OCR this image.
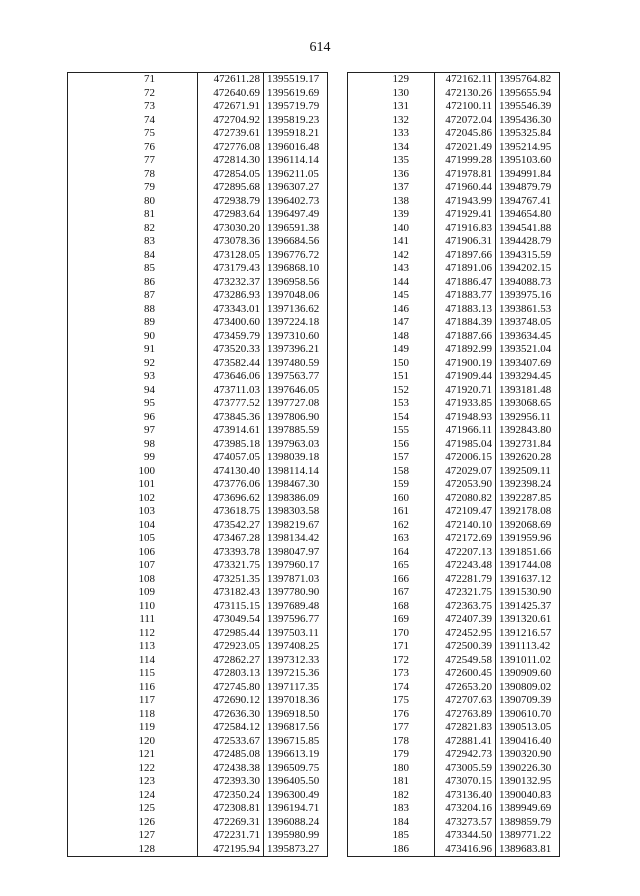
614
71	472611.28	1395519.17
72	472640.69	1395619.69
73	472671.91	1395719.79
74	472704.92	1395819.23
75	472739.61	1395918.21
76	472776.08	1396016.48
77	472814.30	1396114.14
78	472854.05	1396211.05
79	472895.68	1396307.27
80	472938.79	1396402.73
81	472983.64	1396497.49
82	473030.20	1396591.38
83	473078.36	1396684.56
84	473128.05	1396776.72
85	473179.43	1396868.10
86	473232.37	1396958.56
87	473286.93	1397048.06
88	473343.01	1397136.62
89	473400.60	1397224.18
90	473459.79	1397310.60
91	473520.33	1397396.21
92	473582.44	1397480.59
93	473646.06	1397563.77
94	473711.03	1397646.05
95	473777.52	1397727.08
96	473845.36	1397806.90
97	473914.61	1397885.59
98	473985.18	1397963.03
99	474057.05	1398039.18
100	474130.40	1398114.14
101	473776.06	1398467.30
102	473696.62	1398386.09
103	473618.75	1398303.58
104	473542.27	1398219.67
105	473467.28	1398134.42
106	473393.78	1398047.97
107	473321.75	1397960.17
108	473251.35	1397871.03
109	473182.43	1397780.90
110	473115.15	1397689.48
111	473049.54	1397596.77
112	472985.44	1397503.11
113	472923.05	1397408.25
114	472862.27	1397312.33
115	472803.13	1397215.36
116	472745.80	1397117.35
117	472690.12	1397018.36
118	472636.30	1396918.50
119	472584.12	1396817.56
120	472533.67	1396715.85
121	472485.08	1396613.19
122	472438.38	1396509.75
123	472393.30	1396405.50
124	472350.24	1396300.49
125	472308.81	1396194.71
126	472269.31	1396088.24
127	472231.71	1395980.99
128	472195.94	1395873.27
129	472162.11	1395764.82
130	472130.26	1395655.94
131	472100.11	1395546.39
132	472072.04	1395436.30
133	472045.86	1395325.84
134	472021.49	1395214.95
135	471999.28	1395103.60
136	471978.81	1394991.84
137	471960.44	1394879.79
138	471943.99	1394767.41
139	471929.41	1394654.80
140	471916.83	1394541.88
141	471906.31	1394428.79
142	471897.66	1394315.59
143	471891.06	1394202.15
144	471886.47	1394088.73
145	471883.77	1393975.16
146	471883.13	1393861.53
147	471884.39	1393748.05
148	471887.66	1393634.45
149	471892.99	1393521.04
150	471900.19	1393407.69
151	471909.44	1393294.45
152	471920.71	1393181.48
153	471933.85	1393068.65
154	471948.93	1392956.11
155	471966.11	1392843.80
156	471985.04	1392731.84
157	472006.15	1392620.28
158	472029.07	1392509.11
159	472053.90	1392398.24
160	472080.82	1392287.85
161	472109.47	1392178.08
162	472140.10	1392068.69
163	472172.69	1391959.96
164	472207.13	1391851.66
165	472243.48	1391744.08
166	472281.79	1391637.12
167	472321.75	1391530.90
168	472363.75	1391425.37
169	472407.39	1391320.61
170	472452.95	1391216.57
171	472500.39	1391113.42
172	472549.58	1391011.02
173	472600.45	1390909.60
174	472653.20	1390809.02
175	472707.63	1390709.39
176	472763.89	1390610.70
177	472821.83	1390513.05
178	472881.41	1390416.40
179	472942.73	1390320.90
180	473005.59	1390226.30
181	473070.15	1390132.95
182	473136.40	1390040.83
183	473204.16	1389949.69
184	473273.57	1389859.79
185	473344.50	1389771.22
186	473416.96	1389683.81
